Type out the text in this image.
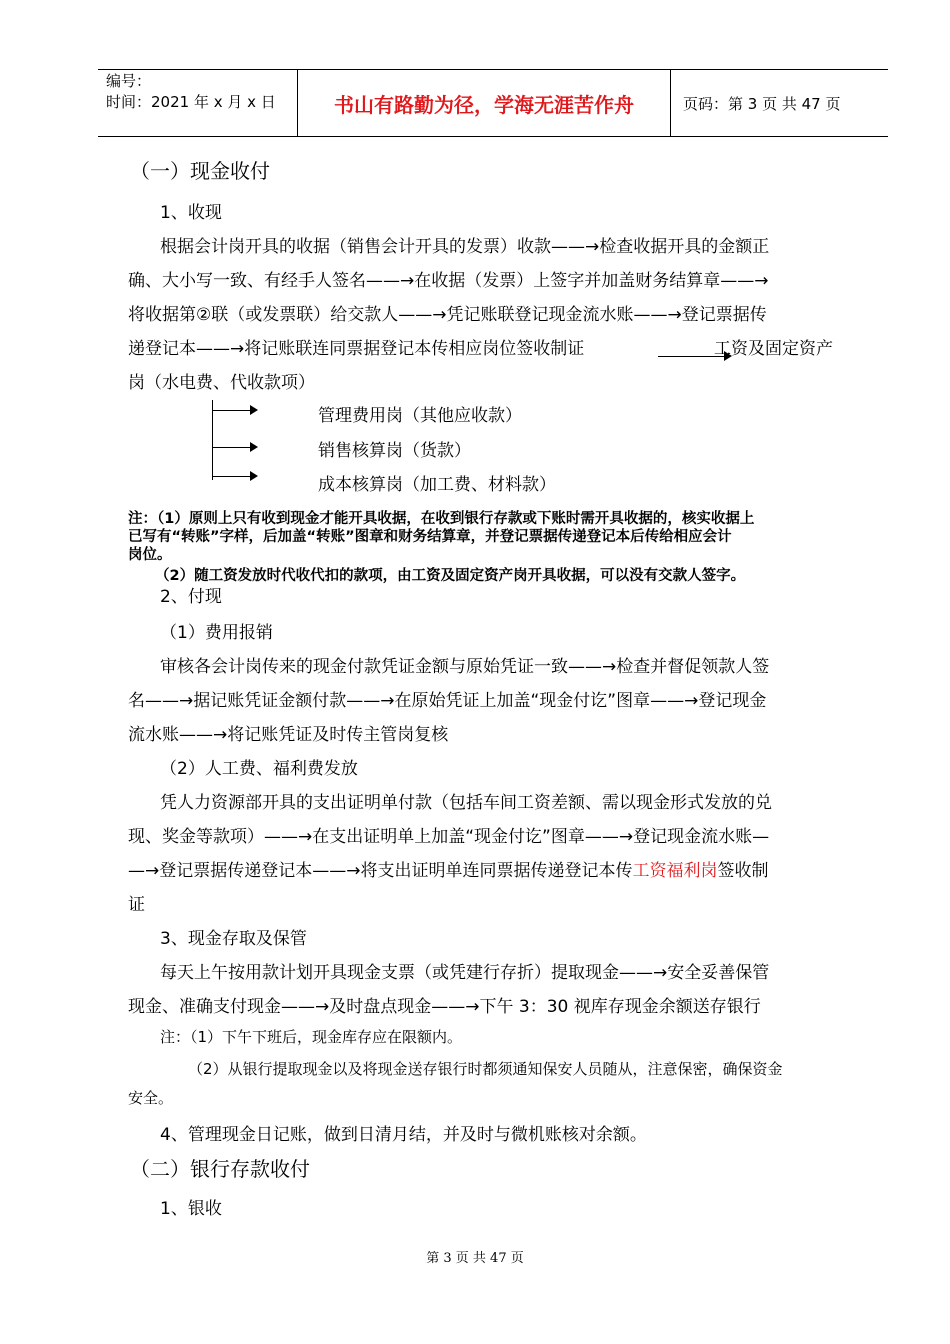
编号：
时间：2021 年 x 月 x 日	书山有路勤为径，学海无涯苦作舟	页码：第 3 页 共 47 页
（一）现金收付
1、收现
根据会计岗开具的收据（销售会计开具的发票）收款——→检查收据开具的金额正
确、大小写一致、有经手人签名——→在收据（发票）上签字并加盖财务结算章——→
将收据第②联（或发票联）给交款人——→凭记账联登记现金流水账——→登记票据传
递登记本——→将记账联连同票据登记本传相应岗位签收制证	工资及固定资产
岗（水电费、代收款项）
管理费用岗（其他应收款）
销售核算岗（货款）
成本核算岗（加工费、材料款）
注：（1）原则上只有收到现金才能开具收据，在收到银行存款或下账时需开具收据的，核实收据上
已写有“转账”字样，后加盖“转账”图章和财务结算章，并登记票据传递登记本后传给相应会计
岗位。
（2）随工资发放时代收代扣的款项，由工资及固定资产岗开具收据，可以没有交款人签字。
2、付现
（1）费用报销
审核各会计岗传来的现金付款凭证金额与原始凭证一致——→检查并督促领款人签
名——→据记账凭证金额付款——→在原始凭证上加盖“现金付讫”图章——→登记现金
流水账——→将记账凭证及时传主管岗复核
（2）人工费、福利费发放
凭人力资源部开具的支出证明单付款（包括车间工资差额、需以现金形式发放的兑
现、奖金等款项）——→在支出证明单上加盖“现金付讫”图章——→登记现金流水账—
—→登记票据传递登记本——→将支出证明单连同票据传递登记本传工资福利岗签收制
证
3、现金存取及保管
每天上午按用款计划开具现金支票（或凭建行存折）提取现金——→安全妥善保管
现金、准确支付现金——→及时盘点现金——→下午 3：30 视库存现金余额送存银行
注：（1）下午下班后，现金库存应在限额内。
（2）从银行提取现金以及将现金送存银行时都须通知保安人员随从，注意保密，确保资金
安全。
4、管理现金日记账，做到日清月结，并及时与微机账核对余额。
（二）银行存款收付
1、银收
第 3 页 共 47 页
